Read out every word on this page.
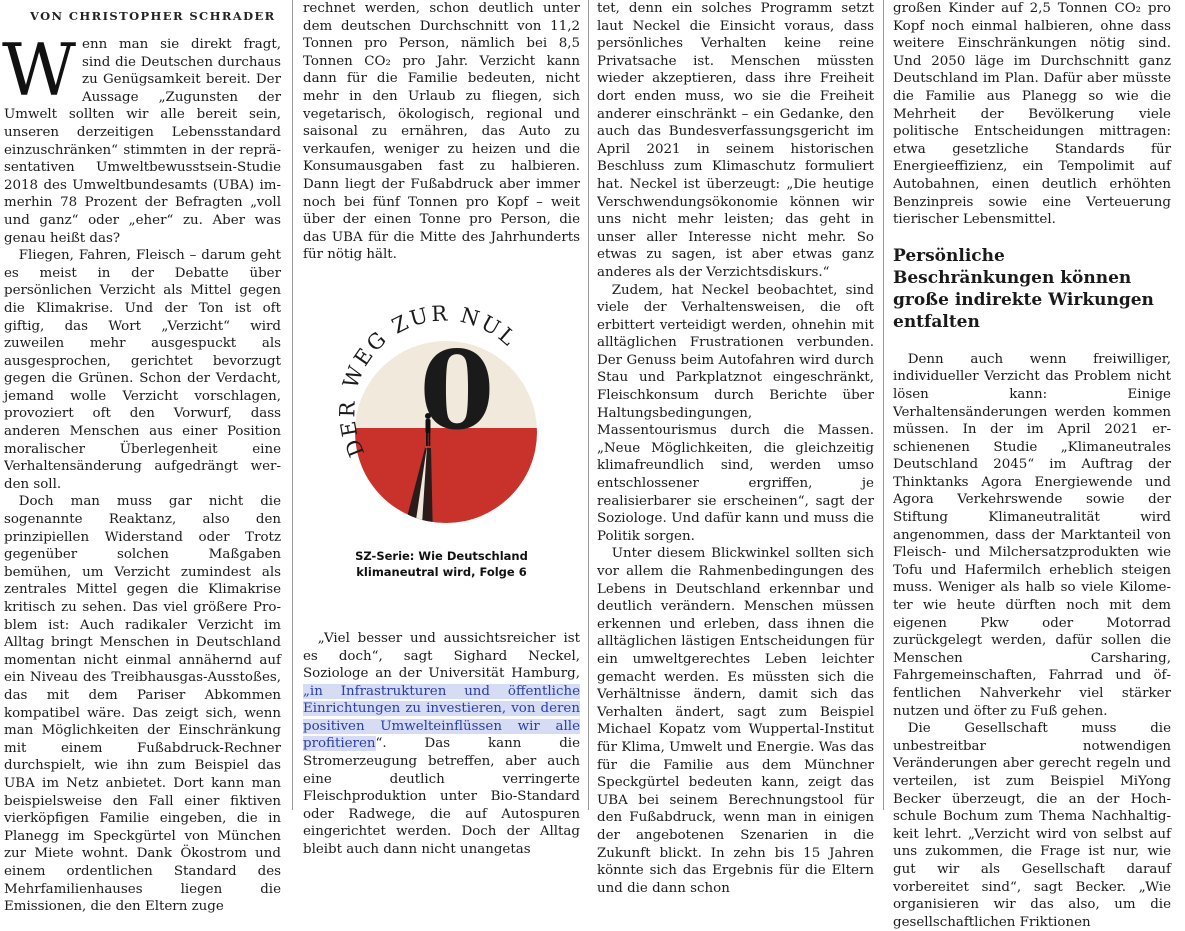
VON CHRISTOPHER SCHRADER

Wenn man sie direkt fragt, sind die Deutschen durchaus zu Genügsamkeit bereit. Der Aussage „Zugunsten der Umwelt sollten wir alle bereit sein, unseren derzeitigen Lebensstandard einzuschränken“ stimmten in der repräsentativen Umweltbewusstsein-Studie 2018 des Umweltbundesamts (UBA) immerhin 78 Prozent der Befragten „voll und ganz“ oder „eher“ zu. Aber was genau heißt das?

Fliegen, Fahren, Fleisch – darum geht es meist in der Debatte über persönlichen Verzicht als Mittel gegen die Klimakrise. Und der Ton ist oft giftig, das Wort „Verzicht“ wird zuweilen mehr ausgespuckt als ausgesprochen, gerichtet bevorzugt gegen die Grünen. Schon der Verdacht, jemand wolle Verzicht vorschlagen, provoziert oft den Vorwurf, dass anderen Menschen aus einer Position moralischer Überlegenheit eine Verhaltensänderung aufgedrängt werden soll.

Doch man muss gar nicht die sogenannte Reaktanz, also den prinzipiellen Widerstand oder Trotz gegenüber solchen Maßgaben bemühen, um Verzicht zumindest als zentrales Mittel gegen die Klimakrise kritisch zu sehen. Das viel größere Problem ist: Auch radikaler Verzicht im Alltag bringt Menschen in Deutschland momentan nicht einmal annähernd auf ein Niveau des Treibhausgas-Ausstoßes, das mit dem Pariser Abkommen kompatibel wäre. Das zeigt sich, wenn man Möglichkeiten der Einschränkung mit einem Fußabdruck-Rechner durchspielt, wie ihn zum Beispiel das UBA im Netz anbietet. Dort kann man beispielsweise den Fall einer fiktiven vierköpfigen Familie eingeben, die in Planegg im Speckgürtel von München zur Miete wohnt. Dank Ökostrom und einem ordentlichen Standard des Mehrfamilienhauses liegen die Emissionen, die den Eltern zuge

rechnet werden, schon deutlich unter dem deutschen Durchschnitt von 11,2 Tonnen pro Person, nämlich bei 8,5 Tonnen CO₂ pro Jahr. Verzicht kann dann für die Familie bedeuten, nicht mehr in den Urlaub zu fliegen, sich vegetarisch, ökologisch, regional und saisonal zu ernähren, das Auto zu verkaufen, weniger zu heizen und die Konsumausgaben fast zu halbieren. Dann liegt der Fußabdruck aber immer noch bei fünf Tonnen pro Kopf – weit über der einen Tonne pro Person, die das UBA für die Mitte des Jahrhunderts für nötig hält.

0
DER WEG ZUR NUL
SZ-Serie: Wie Deutschland
klimaneutral wird, Folge 6

„Viel besser und aussichtsreicher ist es doch“, sagt Sighard Neckel, Soziologe an der Universität Hamburg, „in Infrastrukturen und öffentliche Einrichtungen zu investieren, von deren positiven Umwelteinflüssen wir alle profitieren“. Das kann die Stromerzeugung betreffen, aber auch eine deutlich verringerte Fleischproduktion unter Bio-Standard oder Radwege, die auf Autospuren eingerichtet werden. Doch der Alltag bleibt auch dann nicht unangetas

tet, denn ein solches Programm setzt laut Neckel die Einsicht voraus, dass persönliches Verhalten keine reine Privatsache ist. Menschen müssten wieder akzeptieren, dass ihre Freiheit dort enden muss, wo sie die Freiheit anderer einschränkt – ein Gedanke, den auch das Bundesverfassungsgericht im April 2021 in seinem historischen Beschluss zum Klimaschutz formuliert hat. Neckel ist überzeugt: „Die heutige Verschwendungsökonomie können wir uns nicht mehr leisten; das geht in unser aller Interesse nicht mehr. So etwas zu sagen, ist aber etwas ganz anderes als der Verzichtsdiskurs.“

Zudem, hat Neckel beobachtet, sind viele der Verhaltensweisen, die oft erbittert verteidigt werden, ohnehin mit alltäglichen Frustrationen verbunden. Der Genuss beim Autofahren wird durch Stau und Parkplatznot eingeschränkt, Fleischkonsum durch Berichte über Haltungsbedingungen, Massentourismus durch die Massen. „Neue Möglichkeiten, die gleichzeitig klimafreundlich sind, werden umso entschlossener ergriffen, je realisierbarer sie erscheinen“, sagt der Soziologe. Und dafür kann und muss die Politik sorgen.

Unter diesem Blickwinkel sollten sich vor allem die Rahmenbedingungen des Lebens in Deutschland erkennbar und deutlich verändern. Menschen müssen erkennen und erleben, dass ihnen die alltäglichen lästigen Entscheidungen für ein umweltgerechtes Leben leichter gemacht werden. Es müssten sich die Verhältnisse ändern, damit sich das Verhalten ändert, sagt zum Beispiel Michael Kopatz vom Wuppertal-Institut für Klima, Umwelt und Energie. Was das für die Familie aus dem Münchner Speckgürtel bedeuten kann, zeigt das UBA bei seinem Berechnungstool für den Fußabdruck, wenn man in einigen der angebotenen Szenarien in die Zukunft blickt. In zehn bis 15 Jahren könnte sich das Ergebnis für die Eltern und die dann schon

großen Kinder auf 2,5 Tonnen CO₂ pro Kopf noch einmal halbieren, ohne dass weitere Einschränkungen nötig sind. Und 2050 läge im Durchschnitt ganz Deutschland im Plan. Dafür aber müsste die Familie aus Planegg so wie die Mehrheit der Bevölkerung viele politische Entscheidungen mittragen: etwa gesetzliche Standards für Energieeffizienz, ein Tempolimit auf Autobahnen, einen deutlich erhöhten Benzinpreis sowie eine Verteuerung tierischer Lebensmittel.

Persönliche Beschränkungen können große indirekte Wirkungen entfalten

Denn auch wenn freiwilliger, individueller Verzicht das Problem nicht lösen kann: Einige Verhaltensänderungen werden kommen müssen. In der im April 2021 erschienenen Studie „Klimaneutrales Deutschland 2045“ im Auftrag der Thinktanks Agora Energiewende und Agora Verkehrswende sowie der Stiftung Klimaneutralität wird angenommen, dass der Marktanteil von Fleisch- und Milchersatzprodukten wie Tofu und Hafermilch erheblich steigen muss. Weniger als halb so viele Kilometer wie heute dürften noch mit dem eigenen Pkw oder Motorrad zurückgelegt werden, dafür sollen die Menschen Carsharing, Fahrgemeinschaften, Fahrrad und öffentlichen Nahverkehr viel stärker nutzen und öfter zu Fuß gehen.

Die Gesellschaft muss die unbestreitbar notwendigen Veränderungen aber gerecht regeln und verteilen, ist zum Beispiel MiYong Becker überzeugt, die an der Hochschule Bochum zum Thema Nachhaltigkeit lehrt. „Verzicht wird von selbst auf uns zukommen, die Frage ist nur, wie gut wir als Gesellschaft darauf vorbereitet sind“, sagt Becker. „Wie organisieren wir das also, um die gesellschaftlichen Friktionen
